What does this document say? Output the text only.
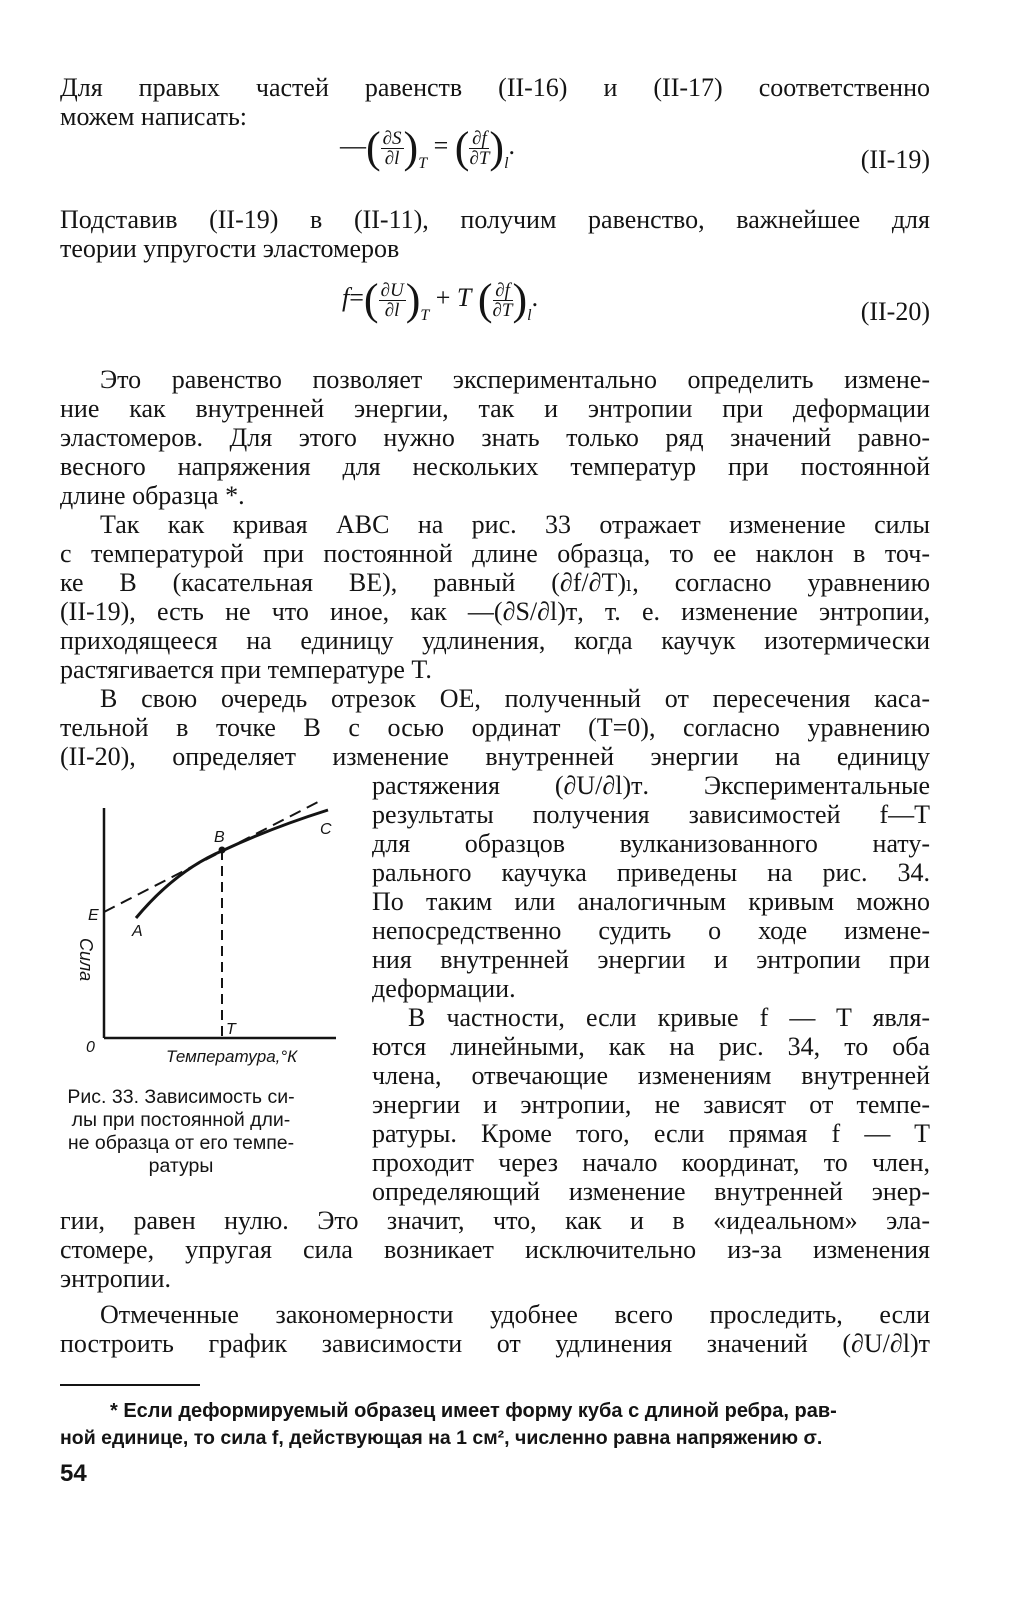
Для правых частей равенств (II-16) и (II-17) соответственно
можем написать:
—( $\frac{\partial S}{\partial l} )_T$ = ( $\frac{\partial f}{\partial T} )_l$.	(II-19)
Подставив (II-19) в (II-11), получим равенство, важнейшее для
теории упругости эластомеров
$f=( \frac{\partial U}{\partial l} )_T + T$ ( $\frac{\partial f}{\partial T} )_l$.	(II-20)
Это равенство позволяет экспериментально определить измене-
ние как внутренней энергии, так и энтропии при деформации
эластомеров. Для этого нужно знать только ряд значений равно-
весного напряжения для нескольких температур при постоянной
длине образца *.
Так как кривая ABC на рис. 33 отражает изменение силы
с температурой при постоянной длине образца, то ее наклон в точ-
ке B (касательная BE), равный (∂f/∂T)ₗ, согласно уравнению
(II-19), есть не что иное, как —(∂S/∂l)ᴛ, т. е. изменение энтропии,
приходящееся на единицу удлинения, когда каучук изотермически
растягивается при температуре T.
В свою очередь отрезок OE, полученный от пересечения каса-
тельной в точке B с осью ординат (T=0), согласно уравнению
(II-20), определяет изменение внутренней энергии на единицу
растяжения (∂U/∂l)ᴛ. Экспериментальные
результаты получения зависимостей f—T
для образцов вулканизованного нату-
рального каучука приведены на рис. 34.
По таким или аналогичным кривым можно
непосредственно судить о ходе измене-
ния внутренней энергии и энтропии при
деформации.
В частности, если кривые f — T явля-
ются линейными, как на рис. 34, то оба
члена, отвечающие изменениям внутренней
энергии и энтропии, не зависят от темпе-
ратуры. Кроме того, если прямая f — T
проходит через начало координат, то член,
определяющий изменение внутренней энер-
гии, равен нулю. Это значит, что, как и в «идеальном» эла-
стомере, упругая сила возникает исключительно из-за изменения
энтропии.
Отмеченные закономерности удобнее всего проследить, если
построить график зависимости от удлинения значений (∂U/∂l)ᴛ
B	C
A
E
T
0
Сила
Температура,°К
Рис. 33. Зависимость си-
лы при постоянной дли-
не образца от его темпе-
ратуры
* Если деформируемый образец имеет форму куба с длиной ребра, рав-
ной единице, то сила f, действующая на 1 см², численно равна напряжению σ.
54
